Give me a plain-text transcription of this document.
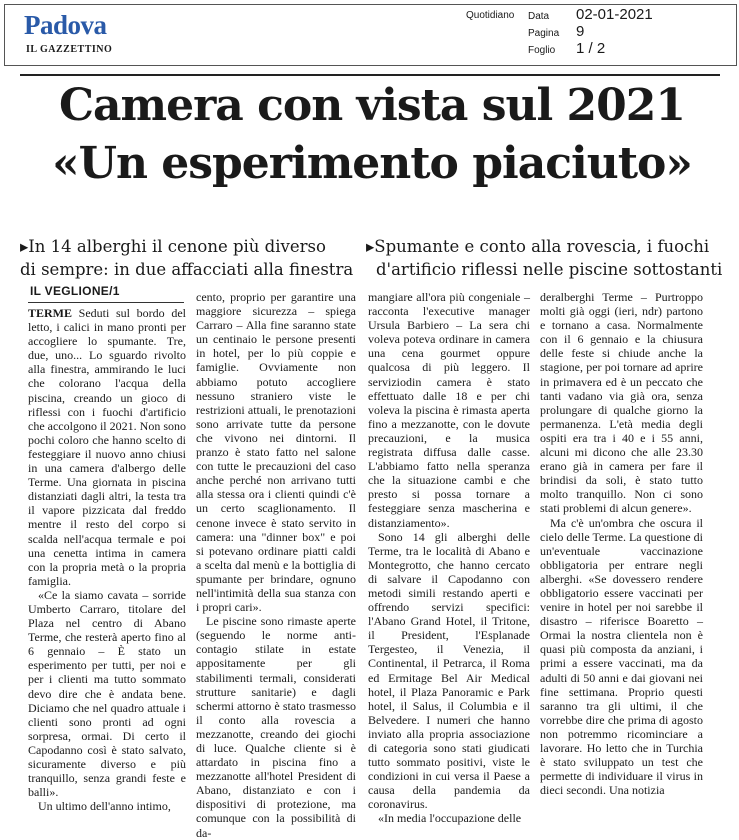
Padova
IL GAZZETTINO
Quotidiano Data 02-01-2021
Pagina 9
Foglio 1 / 2
Camera con vista sul 2021
«Un esperimento piaciuto»
▸In 14 alberghi il cenone più diverso
di sempre: in due affacciati alla finestra
▸Spumante e conto alla rovescia, i fuochi
d'artificio riflessi nelle piscine sottostanti
IL VEGLIONE/1

TERME Seduti sul bordo del letto, i calici in mano pronti per accogliere lo spumante. Tre, due, uno... Lo sguardo rivolto alla finestra, ammirando le luci che colorano l'acqua della piscina, creando un gioco di riflessi con i fuochi d'artificio che accolgono il 2021. Non sono pochi coloro che hanno scelto di festeggiare il nuovo anno chiusi in una camera d'albergo delle Terme. Una giornata in piscina distanziati dagli altri, la testa tra il vapore pizzicata dal freddo mentre il resto del corpo si scalda nell'acqua termale e poi una cenetta intima in camera con la propria metà o la propria famiglia.

«Ce la siamo cavata – sorride Umberto Carraro, titolare del Plaza nel centro di Abano Terme, che resterà aperto fino al 6 gennaio – È stato un esperimento per tutti, per noi e per i clienti ma tutto sommato devo dire che è andata bene. Diciamo che nel quadro attuale i clienti sono pronti ad ogni sorpresa, ormai. Di certo il Capodanno così è stato salvato, sicuramente diverso e più tranquillo, senza grandi feste e balli».

Un ultimo dell'anno intimo,

cento, proprio per garantire una maggiore sicurezza – spiega Carraro – Alla fine saranno state un centinaio le persone presenti in hotel, per lo più coppie e famiglie. Ovviamente non abbiamo potuto accogliere nessuno straniero viste le restrizioni attuali, le prenotazioni sono arrivate tutte da persone che vivono nei dintorni. Il pranzo è stato fatto nel salone con tutte le precauzioni del caso anche perché non arrivano tutti alla stessa ora i clienti quindi c'è un certo scaglionamento. Il cenone invece è stato servito in camera: una "dinner box" e poi si potevano ordinare piatti caldi a scelta dal menù e la bottiglia di spumante per brindare, ognuno nell'intimità della sua stanza con i propri cari».

Le piscine sono rimaste aperte (seguendo le norme anti-contagio stilate in estate appositamente per gli stabilimenti termali, considerati strutture sanitarie) e dagli schermi attorno è stato trasmesso il conto alla rovescia a mezzanotte, creando dei giochi di luce. Qualche cliente si è attardato in piscina fino a mezzanotte all'hotel President di Abano, distanziato e con i dispositivi di protezione, ma comunque con la possibilità di da-

mangiare all'ora più congeniale – racconta l'executive manager Ursula Barbiero – La sera chi voleva poteva ordinare in camera una cena gourmet oppure qualcosa di più leggero. Il serviziodin camera è stato effettuato dalle 18 e per chi voleva la piscina è rimasta aperta fino a mezzanotte, con le dovute precauzioni, e la musica registrata diffusa dalle casse. L'abbiamo fatto nella speranza che la situazione cambi e che presto si possa tornare a festeggiare senza mascherina e distanziamento».

Sono 14 gli alberghi delle Terme, tra le località di Abano e Montegrotto, che hanno cercato di salvare il Capodanno con metodi simili restando aperti e offrendo servizi specifici: l'Abano Grand Hotel, il Tritone, il President, l'Esplanade Tergesteo, il Venezia, il Continental, il Petrarca, il Roma ed Ermitage Bel Air Medical hotel, il Plaza Panoramic e Park hotel, il Salus, il Columbia e il Belvedere. I numeri che hanno inviato alla propria associazione di categoria sono stati giudicati tutto sommato positivi, viste le condizioni in cui versa il Paese a causa della pandemia da coronavirus.

«In media l'occupazione delle

deralberghi Terme – Purtroppo molti già oggi (ieri, ndr) partono e tornano a casa. Normalmente con il 6 gennaio e la chiusura delle feste si chiude anche la stagione, per poi tornare ad aprire in primavera ed è un peccato che tanti vadano via già ora, senza prolungare di qualche giorno la permanenza. L'età media degli ospiti era tra i 40 e i 55 anni, alcuni mi dicono che alle 23.30 erano già in camera per fare il brindisi da soli, è stato tutto molto tranquillo. Non ci sono stati problemi di alcun genere».

Ma c'è un'ombra che oscura il cielo delle Terme. La questione di un'eventuale vaccinazione obbligatoria per entrare negli alberghi. «Se dovessero rendere obbligatorio essere vaccinati per venire in hotel per noi sarebbe il disastro – riferisce Boaretto – Ormai la nostra clientela non è quasi più composta da anziani, i primi a essere vaccinati, ma da adulti di 50 anni e dai giovani nei fine settimana. Proprio questi saranno tra gli ultimi, il che vorrebbe dire che prima di agosto non potremmo ricominciare a lavorare. Ho letto che in Turchia è stato sviluppato un test che permette di individuare il virus in dieci secondi. Una notizia
